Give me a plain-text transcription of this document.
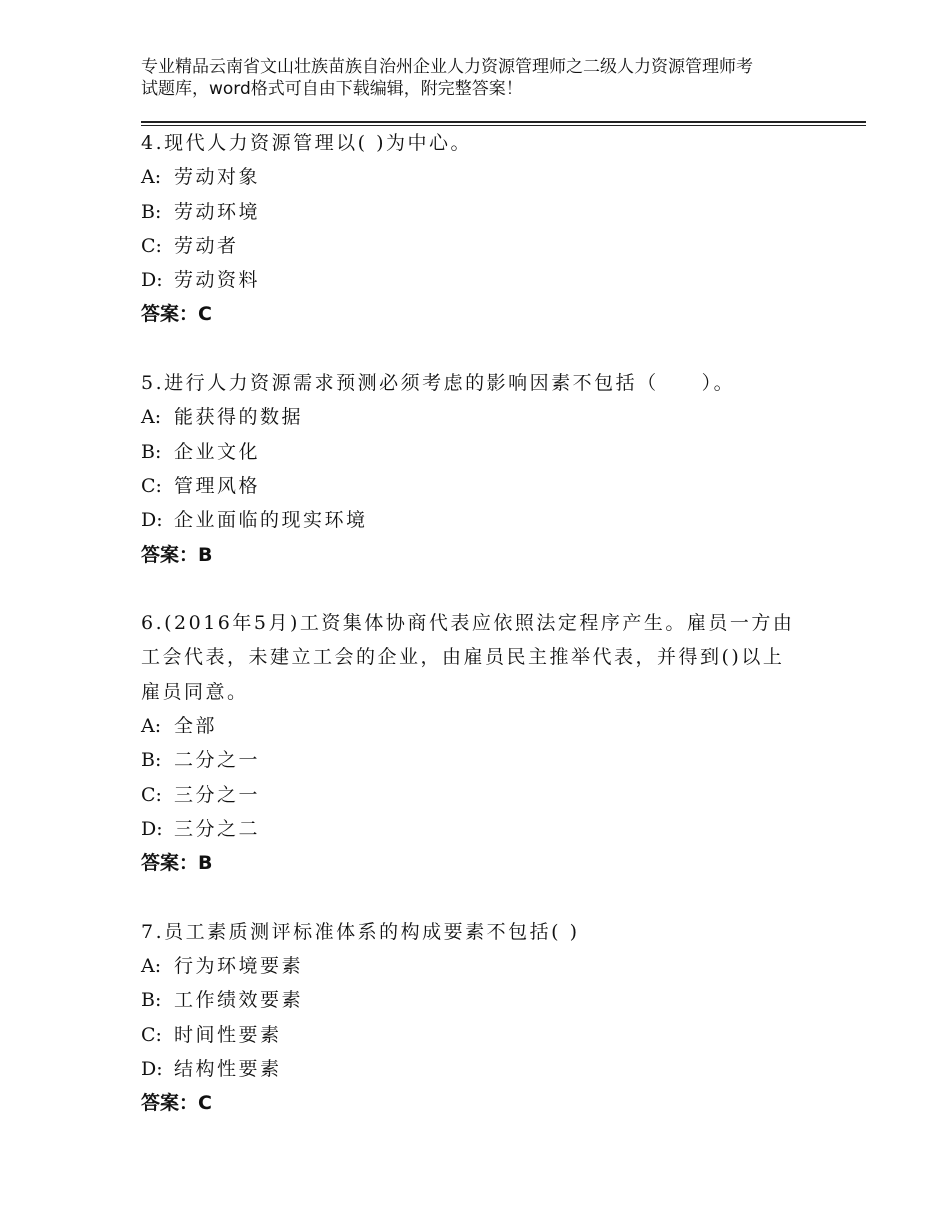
专业精品云南省文山壮族苗族自治州企业人力资源管理师之二级人力资源管理师考
试题库，word格式可自由下载编辑，附完整答案！

4.现代人力资源管理以( )为中心。

A: 劳动对象
B: 劳动环境
C: 劳动者
D: 劳动资料

答案：C

5.进行人力资源需求预测必须考虑的影响因素不包括（　　）。

A: 能获得的数据
B: 企业文化
C: 管理风格
D: 企业面临的现实环境

答案：B

6.(2016年5月)工资集体协商代表应依照法定程序产生。雇员一方由

工会代表，未建立工会的企业，由雇员民主推举代表，并得到()以上

雇员同意。

A: 全部
B: 二分之一
C: 三分之一
D: 三分之二

答案：B

7.员工素质测评标准体系的构成要素不包括( )

A: 行为环境要素
B: 工作绩效要素
C: 时间性要素
D: 结构性要素

答案：C
